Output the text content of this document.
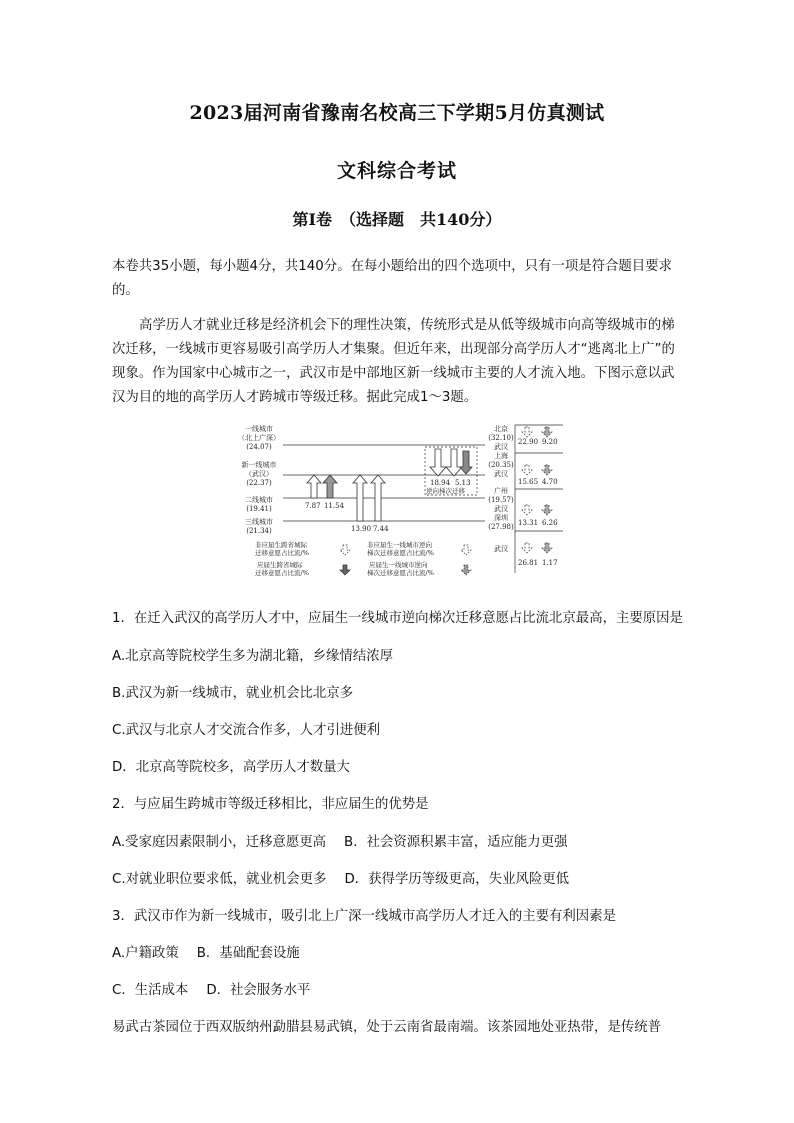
2023届河南省豫南名校高三下学期5月仿真测试
文科综合考试
第Ⅰ卷　（选择题　共140分）
本卷共35小题，每小题4分，共140分。在每小题给出的四个选项中，只有一项是符合题目要求的。
高学历人才就业迁移是经济机会下的理性决策，传统形式是从低等级城市向高等级城市的梯次迁移，一线城市更容易吸引高学历人才集聚。但近年来，出现部分高学历人才“逃离北上广”的现象。作为国家中心城市之一，武汉市是中部地区新一线城市主要的人才流入地。下图示意以武汉为目的地的高学历人才跨城市等级迁移。据此完成1～3题。
一线城市
（北上广深）
(24.07)
新一线城市
（武汉）
(22.37)
二线城市
(19.41)
三线城市
(21.34)
7.87 11.54
13.90 7.44
18.94 5.13
逆向梯次迁移
北京
(32.10)
武汉
上海
(20.35)
武汉
广州
(19.57)
武汉
深圳
(27.98)
武汉
22.90 9.20
15.65 4.70
13.31 6.26
26.81 1.17
非应届生跨省城际
迁移意愿占比流/%
应届生跨省城际
迁移意愿占比流/%
非应届生一线城市逆向
梯次迁移意愿占比流/%
应届生一线城市逆向
梯次迁移意愿占比流/%
1．在迁入武汉的高学历人才中，应届生一线城市逆向梯次迁移意愿占比流北京最高，主要原因是
A.北京高等院校学生多为湖北籍，乡缘情结浓厚
B.武汉为新一线城市，就业机会比北京多
C.武汉与北京人才交流合作多，人才引进便利
D．北京高等院校多，高学历人才数量大
2．与应届生跨城市等级迁移相比，非应届生的优势是
A.受家庭因素限制小，迁移意愿更高 B．社会资源积累丰富，适应能力更强
C.对就业职位要求低，就业机会更多 D．获得学历等级更高，失业风险更低
3．武汉市作为新一线城市，吸引北上广深一线城市高学历人才迁入的主要有利因素是
A.户籍政策 B．基础配套设施
C．生活成本 D．社会服务水平
易武古茶园位于西双版纳州勐腊县易武镇，处于云南省最南端。该茶园地处亚热带，是传统普
